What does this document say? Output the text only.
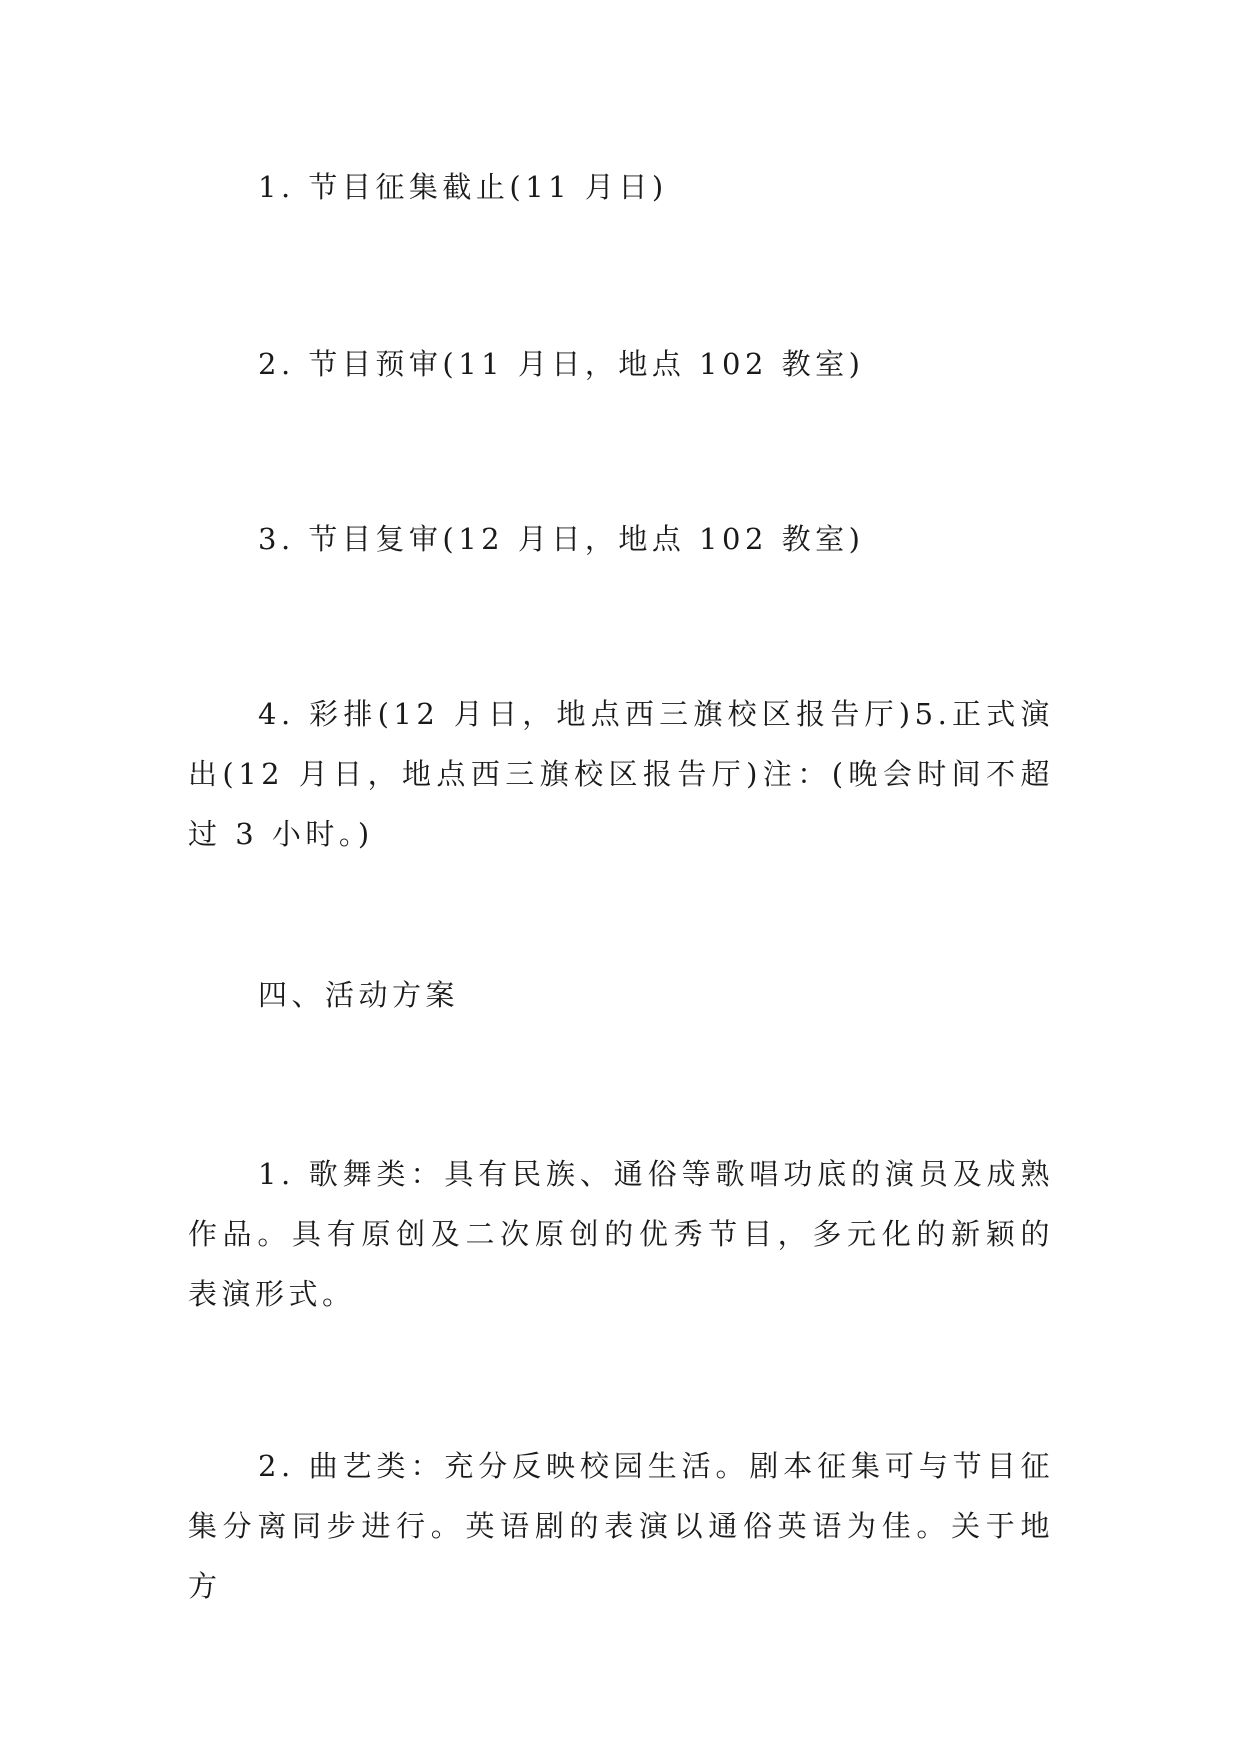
1. 节目征集截止(11 月日)

2. 节目预审(11 月日，地点 102 教室)

3. 节目复审(12 月日，地点 102 教室)

4. 彩排(12 月日，地点西三旗校区报告厅)5.正式演出(12 月日，地点西三旗校区报告厅)注：(晚会时间不超过 3 小时。)

四、活动方案

1. 歌舞类：具有民族、通俗等歌唱功底的演员及成熟作品。具有原创及二次原创的优秀节目，多元化的新颖的表演形式。

2. 曲艺类：充分反映校园生活。剧本征集可与节目征集分离同步进行。英语剧的表演以通俗英语为佳。关于地方
